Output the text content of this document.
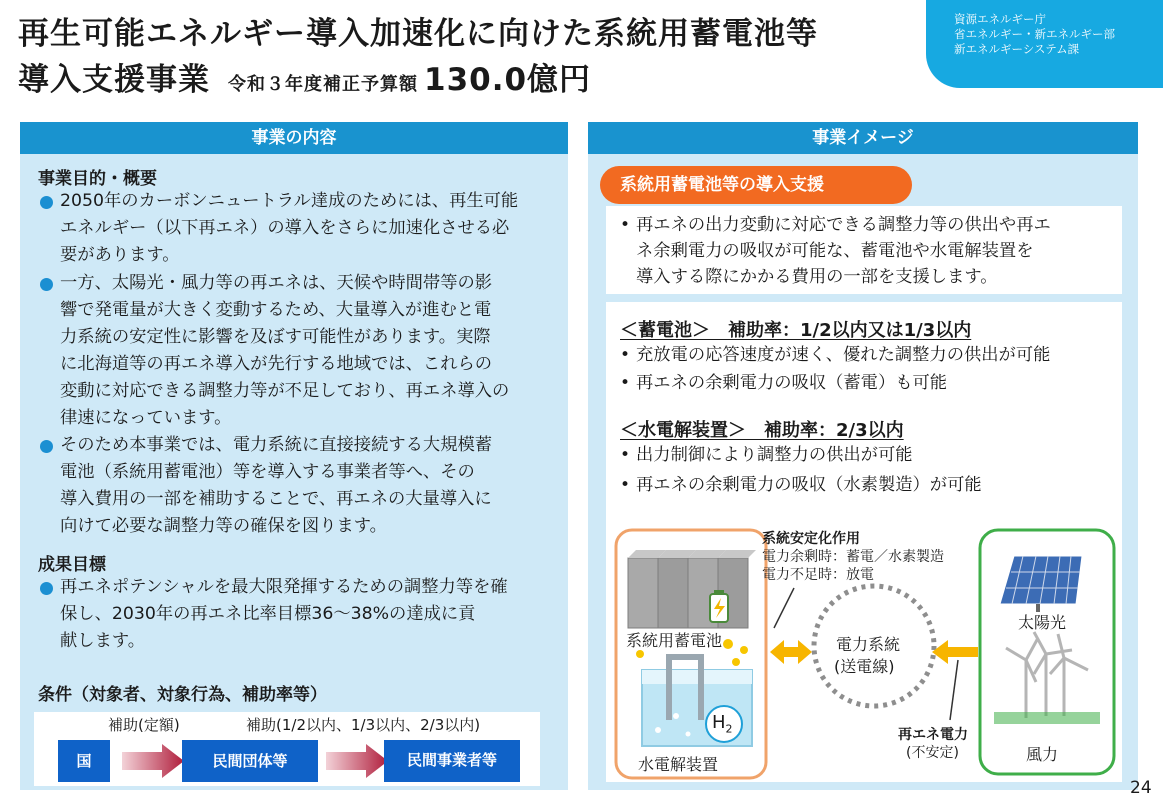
再生可能エネルギー導入加速化に向けた系統用蓄電池等
導入支援事業 令和３年度補正予算額 130.0億円
資源エネルギー庁
省エネルギー・新エネルギー部
新エネルギーシステム課
事業の内容
事業目的・概要
2050年のカーボンニュートラル達成のためには、再生可能
エネルギー（以下再エネ）の導入をさらに加速化させる必
要があります。
一方、太陽光・風力等の再エネは、天候や時間帯等の影
響で発電量が大きく変動するため、大量導入が進むと電
力系統の安定性に影響を及ぼす可能性があります。実際
に北海道等の再エネ導入が先行する地域では、これらの
変動に対応できる調整力等が不足しており、再エネ導入の
律速になっています。
そのため本事業では、電力系統に直接接続する大規模蓄
電池（系統用蓄電池）等を導入する事業者等へ、その
導入費用の一部を補助することで、再エネの大量導入に
向けて必要な調整力等の確保を図ります。
成果目標
再エネポテンシャルを最大限発揮するための調整力等を確
保し、2030年の再エネ比率目標36～38%の達成に貢
献します。
条件（対象者、対象行為、補助率等）
補助(定額)	補助(1/2以内、1/3以内、2/3以内)
国	民間団体等	民間事業者等
事業イメージ
系統用蓄電池等の導入支援
• 再エネの出力変動に対応できる調整力等の供出や再エ
ネ余剰電力の吸収が可能な、蓄電池や水電解装置を
導入する際にかかる費用の一部を支援します。
＜蓄電池＞　補助率：1/2以内又は1/3以内
• 充放電の応答速度が速く、優れた調整力の供出が可能
• 再エネの余剰電力の吸収（蓄電）も可能
＜水電解装置＞　補助率：2/3以内
• 出力制御により調整力の供出が可能
• 再エネの余剰電力の吸収（水素製造）が可能
系統安定化作用
電力余剰時：蓄電／水素製造
電力不足時：放電
系統用蓄電池
水電解装置
$H_2$
電力系統
(送電線)
太陽光
風力
再エネ電力
(不安定)
24
